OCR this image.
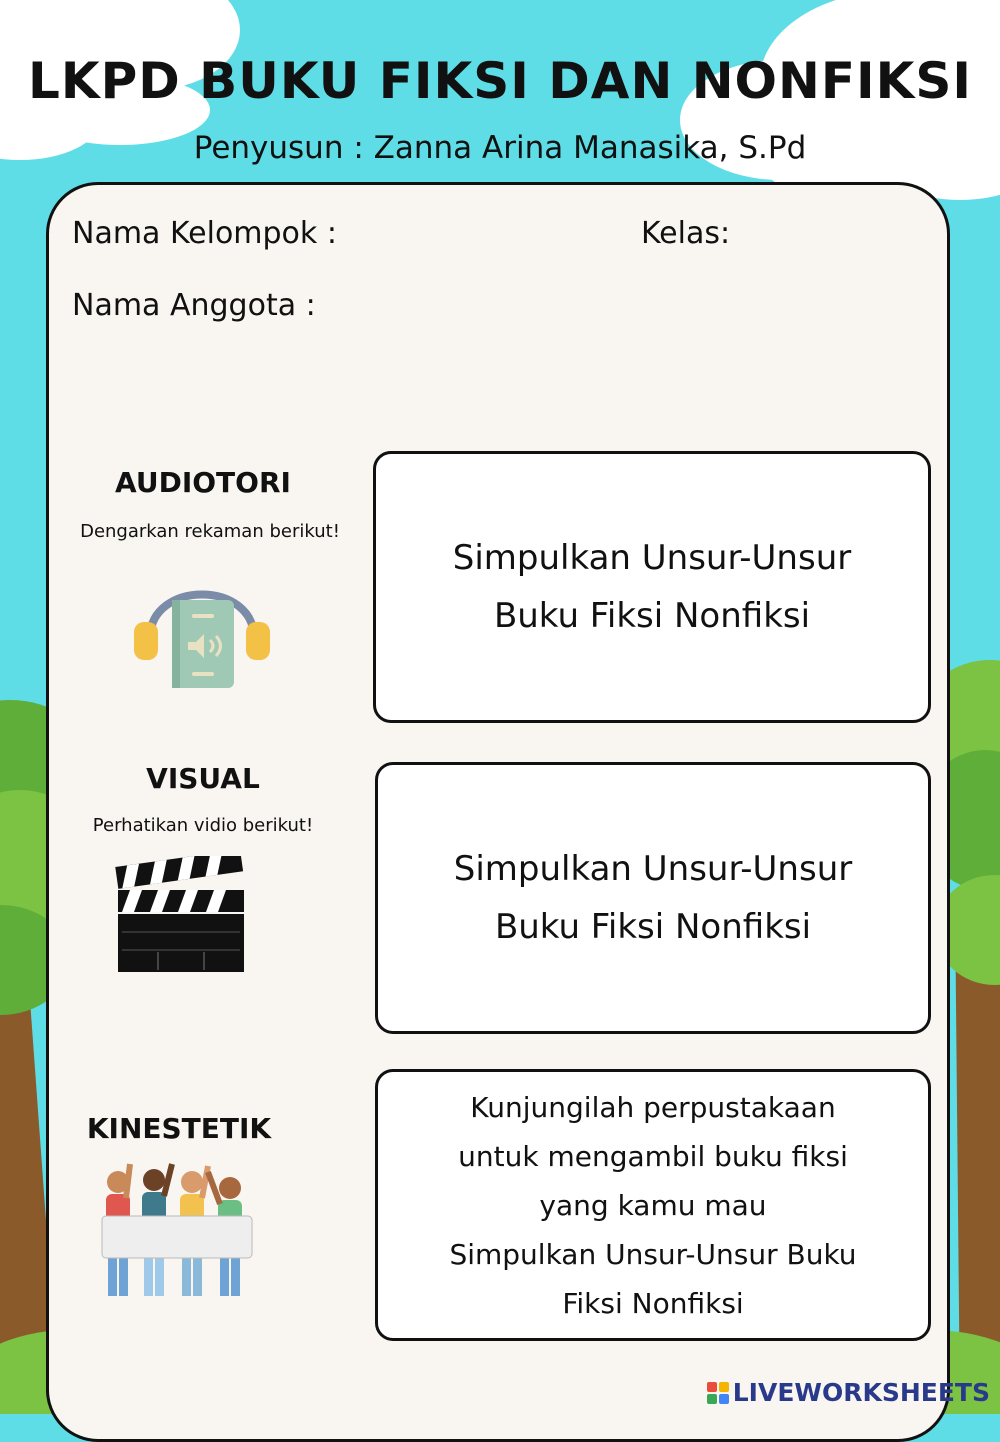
LKPD BUKU FIKSI DAN NONFIKSI
Penyusun : Zanna Arina Manasika, S.Pd
Nama Kelompok :	Kelas:
Nama Anggota :
AUDIOTORI
Dengarkan rekaman berikut!
Simpulkan Unsur-Unsur
Buku Fiksi Nonfiksi
VISUAL
Perhatikan vidio berikut!
Simpulkan Unsur-Unsur
Buku Fiksi Nonfiksi
KINESTETIK
Kunjungilah perpustakaan
untuk mengambil buku fiksi
yang kamu mau
Simpulkan Unsur-Unsur Buku
Fiksi Nonfiksi
LIVEWORKSHEETS
